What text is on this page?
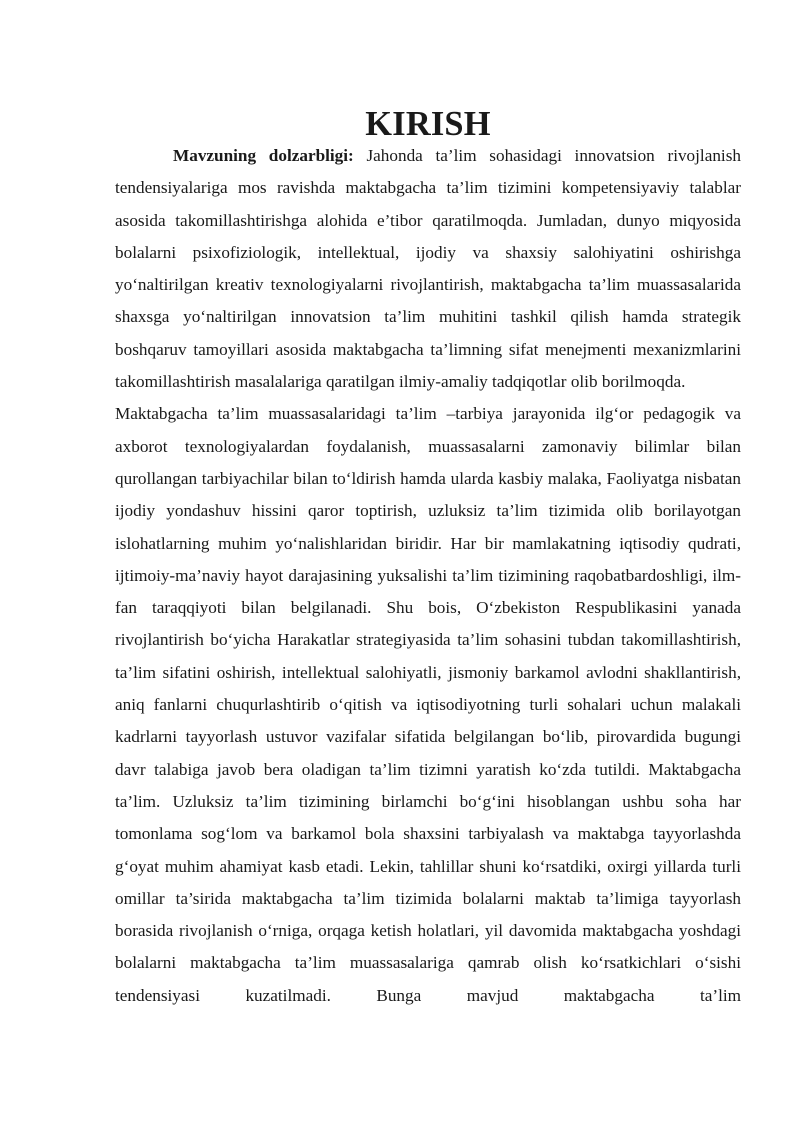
KIRISH

Mavzuning dolzarbligi: Jahonda ta’lim sohasidagi innovatsion rivojlanish tendensiyalariga mos ravishda maktabgacha ta’lim tizimini kompetensiyaviy talablar asosida takomillashtirishga alohida e’tibor qaratilmoqda. Jumladan, dunyo miqyosida bolalarni psixofiziologik, intellektual, ijodiy va shaxsiy salohiyatini oshirishga yo‘naltirilgan kreativ texnologiyalarni rivojlantirish, maktabgacha ta’lim muassasalarida shaxsga yo‘naltirilgan innovatsion ta’lim muhitini tashkil qilish hamda strategik boshqaruv tamoyillari asosida maktabgacha ta’limning sifat menejmenti mexanizmlarini takomillashtirish masalalariga qaratilgan ilmiy-amaliy tadqiqotlar olib borilmoqda.

Maktabgacha ta’lim muassasalaridagi ta’lim –tarbiya jarayonida ilg‘or pedagogik va axborot texnologiyalardan foydalanish, muassasalarni zamonaviy bilimlar bilan qurollangan tarbiyachilar bilan to‘ldirish hamda ularda kasbiy malaka, Faoliyatga nisbatan ijodiy yondashuv hissini qaror toptirish, uzluksiz ta’lim tizimida olib borilayotgan islohatlarning muhim yo‘nalishlaridan biridir. Har bir mamlakatning iqtisodiy qudrati, ijtimoiy-ma’naviy hayot darajasining yuksalishi ta’lim tizimining raqobatbardoshligi, ilm-fan taraqqiyoti bilan belgilanadi. Shu bois, O‘zbekiston Respublikasini yanada rivojlantirish bo‘yicha Harakatlar strategiyasida ta’lim sohasini tubdan takomillashtirish, ta’lim sifatini oshirish, intellektual salohiyatli, jismoniy barkamol avlodni shakllantirish, aniq fanlarni chuqurlashtirib o‘qitish va iqtisodiyotning turli sohalari uchun malakali kadrlarni tayyorlash ustuvor vazifalar sifatida belgilangan bo‘lib, pirovardida bugungi davr talabiga javob bera oladigan ta’lim tizimni yaratish ko‘zda tutildi. Maktabgacha ta’lim. Uzluksiz ta’lim tizimining birlamchi bo‘g‘ini hisoblangan ushbu soha har tomonlama sog‘lom va barkamol bola shaxsini tarbiyalash va maktabga tayyorlashda g‘oyat muhim ahamiyat kasb etadi. Lekin, tahlillar shuni ko‘rsatdiki, oxirgi yillarda turli omillar ta’sirida maktabgacha ta’lim tizimida bolalarni maktab ta’limiga tayyorlash borasida rivojlanish o‘rniga, orqaga ketish holatlari, yil davomida maktabgacha yoshdagi bolalarni maktabgacha ta’lim muassasalariga qamrab olish ko‘rsatkichlari o‘sishi tendensiyasi kuzatilmadi. Bunga mavjud maktabgacha ta’lim
